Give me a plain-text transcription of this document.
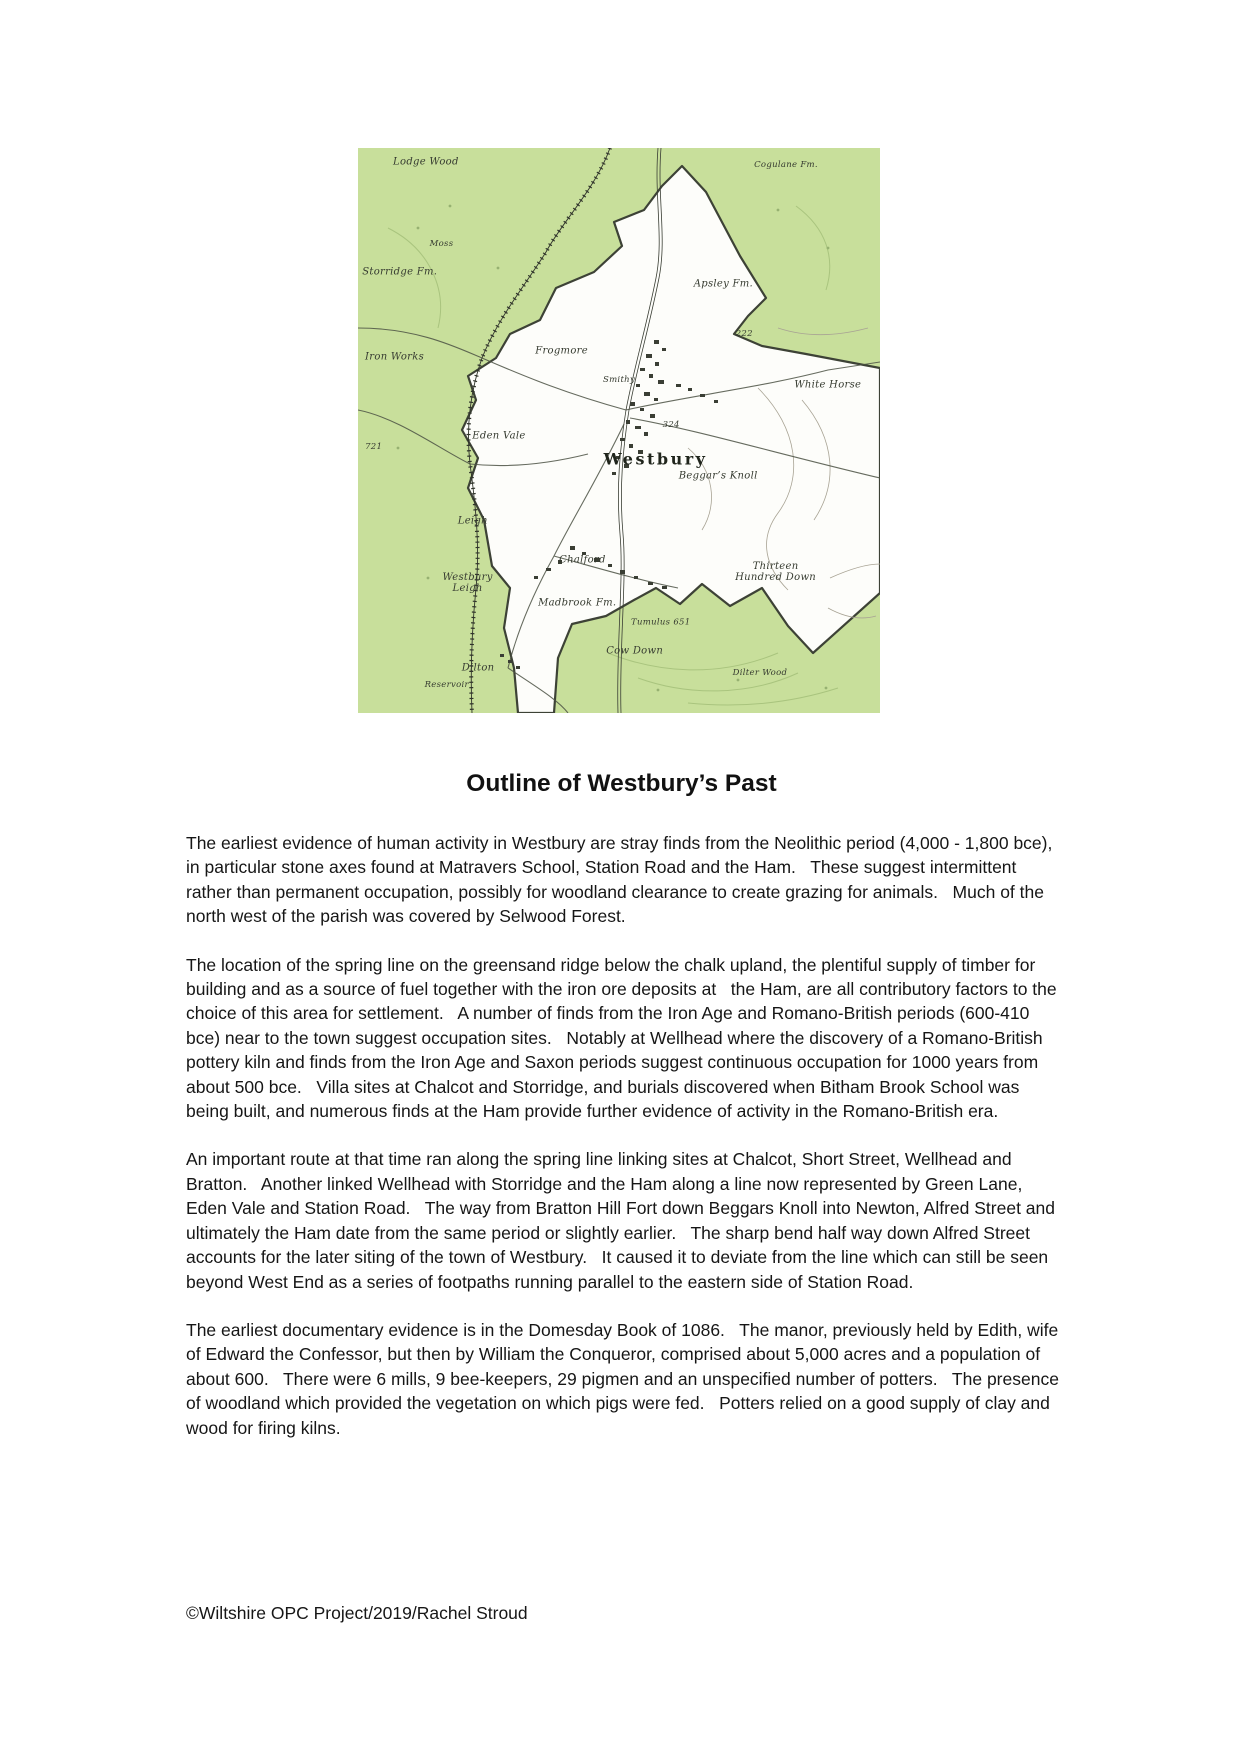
Lodge Wood	Cogulane Fm.
Moss
Storridge Fm.
Apsley Fm.
222
Frogmore
Iron Works
Smithy
White Horse
324
Eden Vale
721
Westbury
Beggar’s Knoll
Leigh
Chalford
Thirteen Hundred Down
Westbury Leigh
Madbrook Fm.
Tumulus 651
Cow Down
Dilton
Dilter Wood
Reservoir
Outline of Westbury’s Past

The earliest evidence of human activity in Westbury are stray finds from the Neolithic period (4,000 - 1,800 bce), in particular stone axes found at Matravers School, Station Road and the Ham.   These suggest intermittent rather than permanent occupation, possibly for woodland clearance to create grazing for animals.   Much of the north west of the parish was covered by Selwood Forest.

The location of the spring line on the greensand ridge below the chalk upland, the plentiful supply of timber for building and as a source of fuel together with the iron ore deposits at   the Ham, are all contributory factors to the choice of this area for settlement.   A number of finds from the Iron Age and Romano-British periods (600-410 bce) near to the town suggest occupation sites.   Notably at Wellhead where the discovery of a Romano-British pottery kiln and finds from the Iron Age and Saxon periods suggest continuous occupation for 1000 years from about 500 bce.   Villa sites at Chalcot and Storridge, and burials discovered when Bitham Brook School was being built, and numerous finds at the Ham provide further evidence of activity in the Romano-British era.

An important route at that time ran along the spring line linking sites at Chalcot, Short Street, Wellhead and Bratton.   Another linked Wellhead with Storridge and the Ham along a line now represented by Green Lane, Eden Vale and Station Road.   The way from Bratton Hill Fort down Beggars Knoll into Newton, Alfred Street and ultimately the Ham date from the same period or slightly earlier.   The sharp bend half way down Alfred Street accounts for the later siting of the town of Westbury.   It caused it to deviate from the line which can still be seen beyond West End as a series of footpaths running parallel to the eastern side of Station Road.

The earliest documentary evidence is in the Domesday Book of 1086.   The manor, previously held by Edith, wife of Edward the Confessor, but then by William the Conqueror, comprised about 5,000 acres and a population of about 600.   There were 6 mills, 9 bee-keepers, 29 pigmen and an unspecified number of potters.   The presence of woodland which provided the vegetation on which pigs were fed.   Potters relied on a good supply of clay and wood for firing kilns.

©Wiltshire OPC Project/2019/Rachel Stroud
